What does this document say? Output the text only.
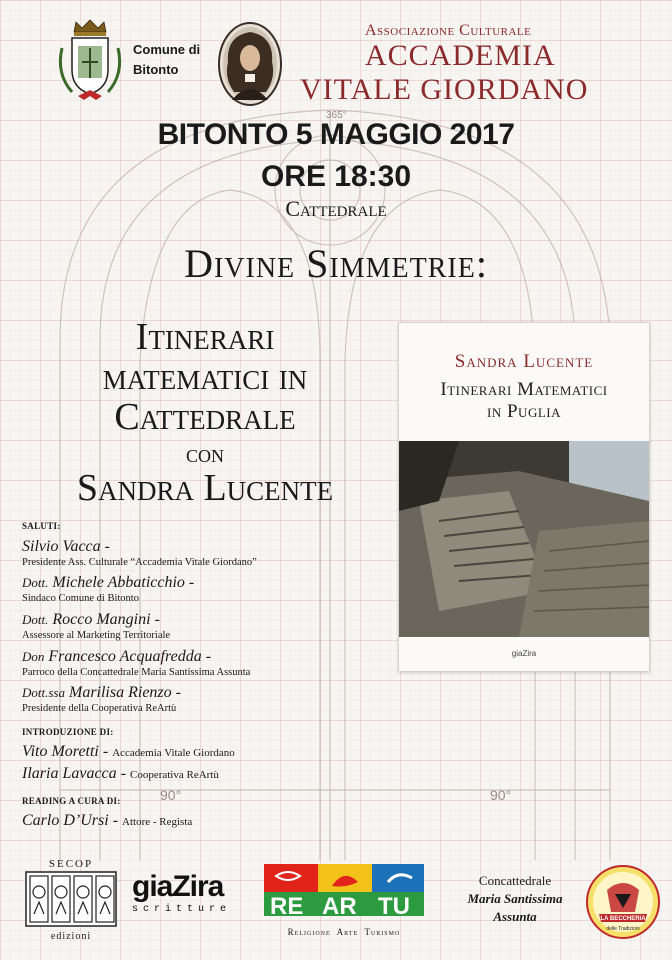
365°
90°	90°
Comune di
Bitonto
Associazione Culturale
ACCADEMIA
VITALE GIORDANO
BITONTO 5 MAGGIO 2017
ORE 18:30
Cattedrale
Divine Simmetrie:
Itinerari
matematici in
Cattedrale
con
Sandra Lucente
Sandra Lucente
Itinerari Matematici
in Puglia
giaZira
SALUTI:
Silvio Vacca -
Presidente Ass. Culturale “Accademia Vitale Giordano”
Dott. Michele Abbaticchio -
Sindaco Comune di Bitonto
Dott. Rocco Mangini -
Assessore al Marketing Territoriale
Don Francesco Acquafredda -
Parroco della Concattedrale Maria Santissima Assunta
Dott.ssa Marilisa Rienzo -
Presidente della Cooperativa ReArtù
INTRODUZIONE DI:
Vito Moretti - Accademia Vitale Giordano
Ilaria Lavacca - Cooperativa ReArtù
READING A CURA DI:
Carlo D’Ursi - Attore - Regista
SECOP
edizioni
giaZira
scritture	RE AR TU
Religione  Arte  Turismo
Concattedrale
Maria Santissima
Assunta	LA BECCHERIA
delle Tradizioni
